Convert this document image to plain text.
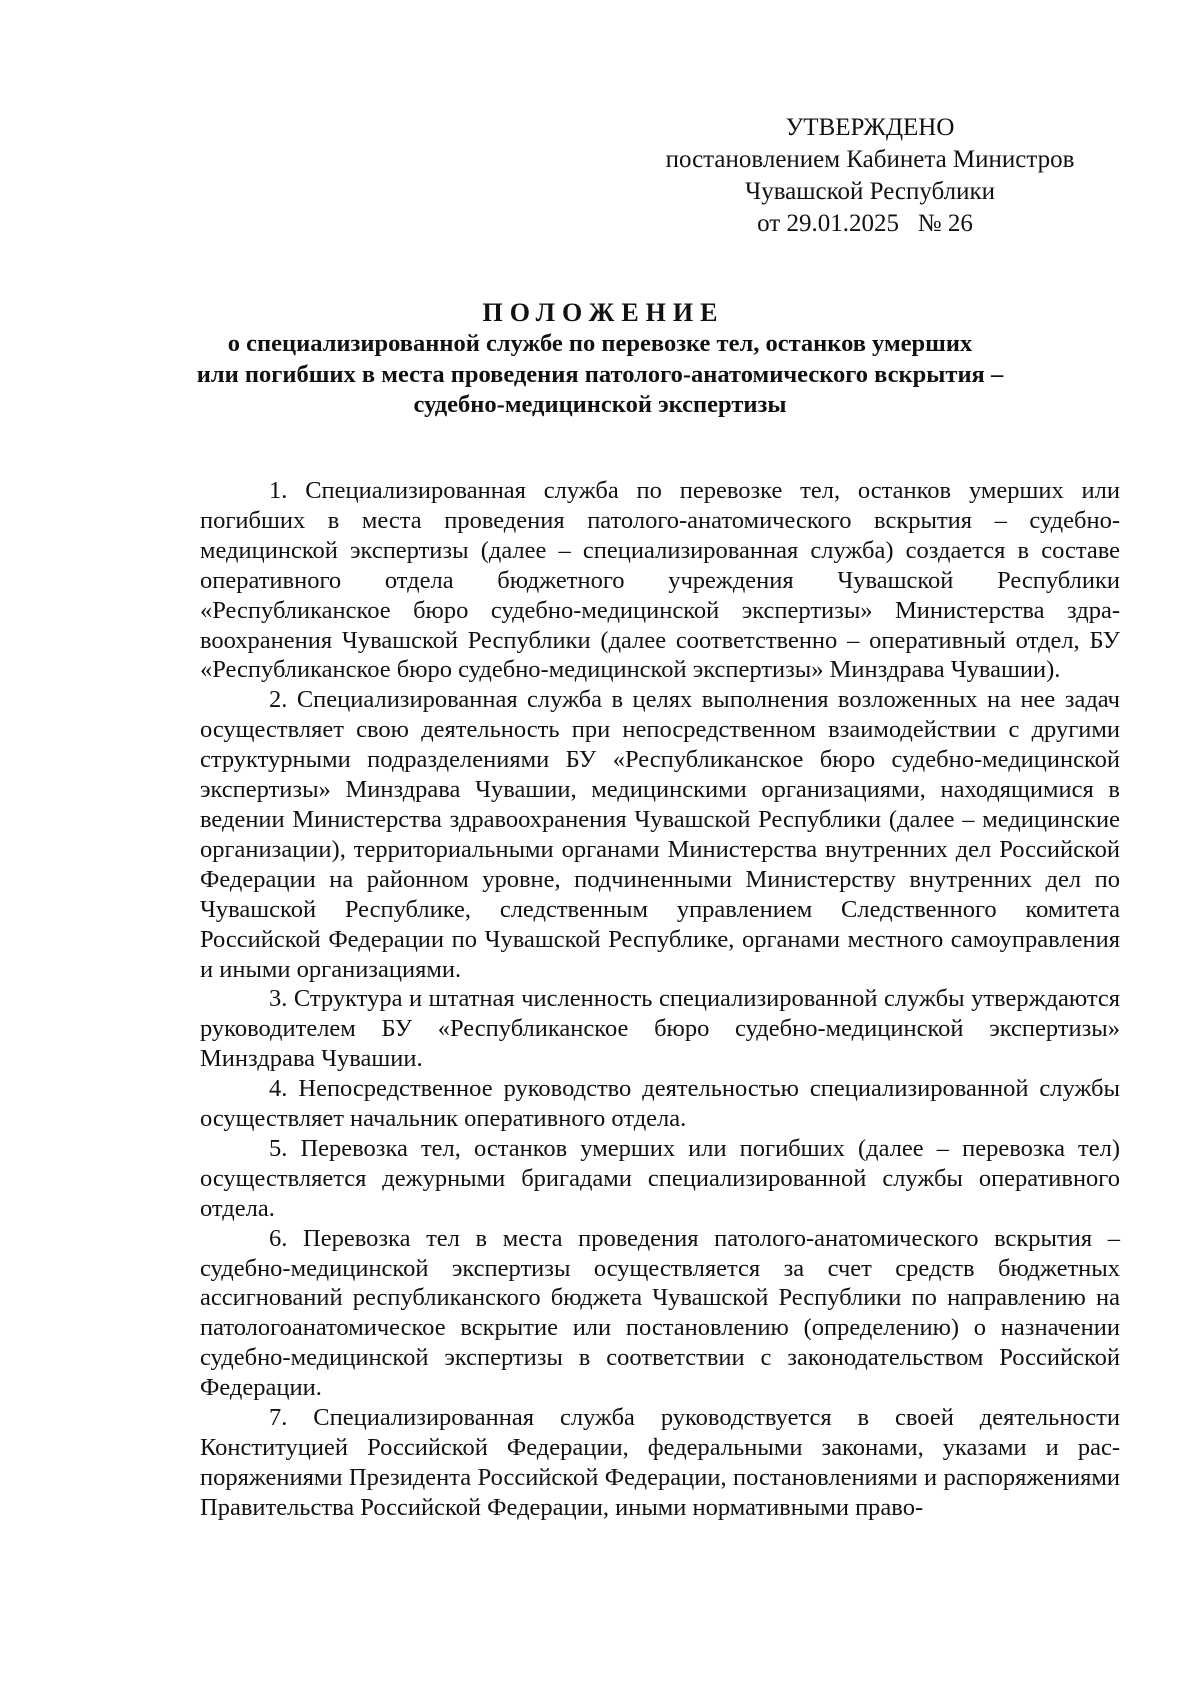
УТВЕРЖДЕНО
постановлением Кабинета Министров
Чувашской Республики
от 29.01.2025   № 26
ПОЛОЖЕНИЕ
о специализированной службе по перевозке тел, останков умерших
или погибших в места проведения патолого-анатомического вскрытия –
судебно-медицинской экспертизы

1. Специализированная служба по перевозке тел, останков умерших или погибших в места проведения патолого-анатомического вскрытия – судебно-медицинской экспертизы (далее – специализированная служба) создается в составе оперативного отдела бюджетного учреждения Чувашской Республики «Республиканское бюро судебно-медицинской экспертизы» Министерства здравоохранения Чувашской Республики (далее соответственно – оперативный отдел, БУ «Республиканское бюро судебно-медицинской экспертизы» Минздрава Чувашии).

2. Специализированная служба в целях выполнения возложенных на нее задач осуществляет свою деятельность при непосредственном взаимодействии с другими структурными подразделениями БУ «Республиканское бюро судебно-медицинской экспертизы» Минздрава Чувашии, медицинскими организациями, находящимися в ведении Министерства здравоохранения Чувашской Республики (далее – медицинские организации), территориальными органами Министерства внутренних дел Российской Федерации на районном уровне, подчиненными Министерству внутренних дел по Чувашской Республике, следственным управлением Следственного комитета Российской Федерации по Чувашской Республике, органами местного самоуправления и иными организациями.

3. Структура и штатная численность специализированной службы утверждаются руководителем БУ «Республиканское бюро судебно-медицинской экспертизы» Минздрава Чувашии.

4. Непосредственное руководство деятельностью специализированной службы осуществляет начальник оперативного отдела.

5. Перевозка тел, останков умерших или погибших (далее – перевозка тел) осуществляется дежурными бригадами специализированной службы оперативного отдела.

6. Перевозка тел в места проведения патолого-анатомического вскрытия – судебно-медицинской экспертизы осуществляется за счет средств бюджетных ассигнований республиканского бюджета Чувашской Республики по направлению на патологоанатомическое вскрытие или постановлению (определению) о назначении судебно-медицинской экспертизы в соответствии с законодательством Российской Федерации.

7. Специализированная служба руководствуется в своей деятельности Конституцией Российской Федерации, федеральными законами, указами и распоряжениями Президента Российской Федерации, постановлениями и распоряжениями Правительства Российской Федерации, иными нормативными право-
